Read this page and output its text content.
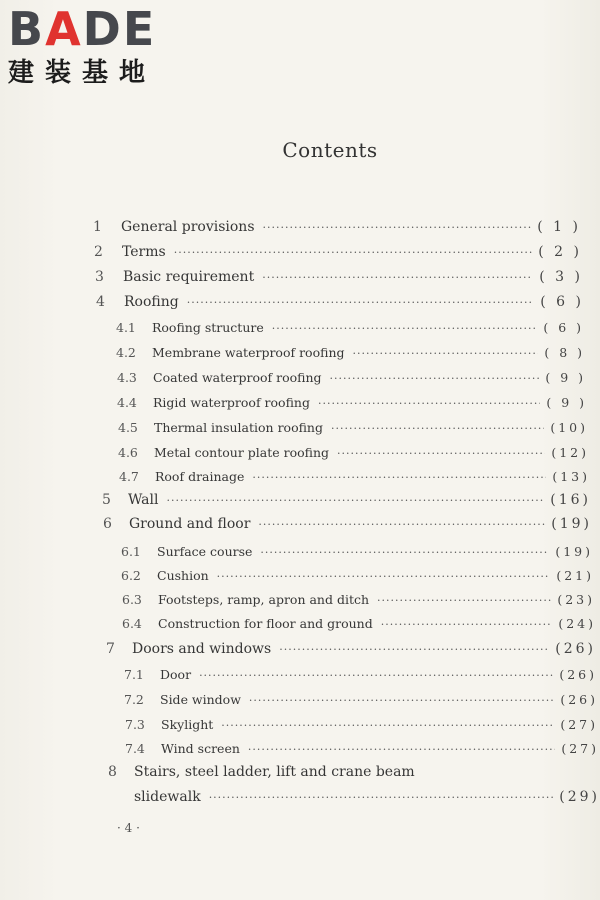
BADE
建装基地
Contents
1	General provisions ·····	( 1 )
2	Terms ·····	( 2 )
3	Basic requirement ·····	( 3 )
4	Roofing ·····	( 6 )
4.1	Roofing structure ·····	( 6 )
4.2	Membrane waterproof roofing ·····	( 8 )
4.3	Coated waterproof roofing ·····	( 9 )
4.4	Rigid waterproof roofing ·····	( 9 )
4.5	Thermal insulation roofing ·····	(10)
4.6	Metal contour plate roofing ·····	(12)
4.7	Roof drainage ·····	(13)
5	Wall ·····	(16)
6	Ground and floor ·····	(19)
6.1	Surface course ·····	(19)
6.2	Cushion ·····	(21)
6.3	Footsteps, ramp, apron and ditch ·····	(23)
6.4	Construction for floor and ground ·····	(24)
7	Doors and windows ·····	(26)
7.1	Door ·····	(26)
7.2	Side window ·····	(26)
7.3	Skylight ·····	(27)
7.4	Wind screen ·····	(27)
8	Stairs, steel ladder, lift and crane beam
slidewalk ·····	(29)
· 4 ·
